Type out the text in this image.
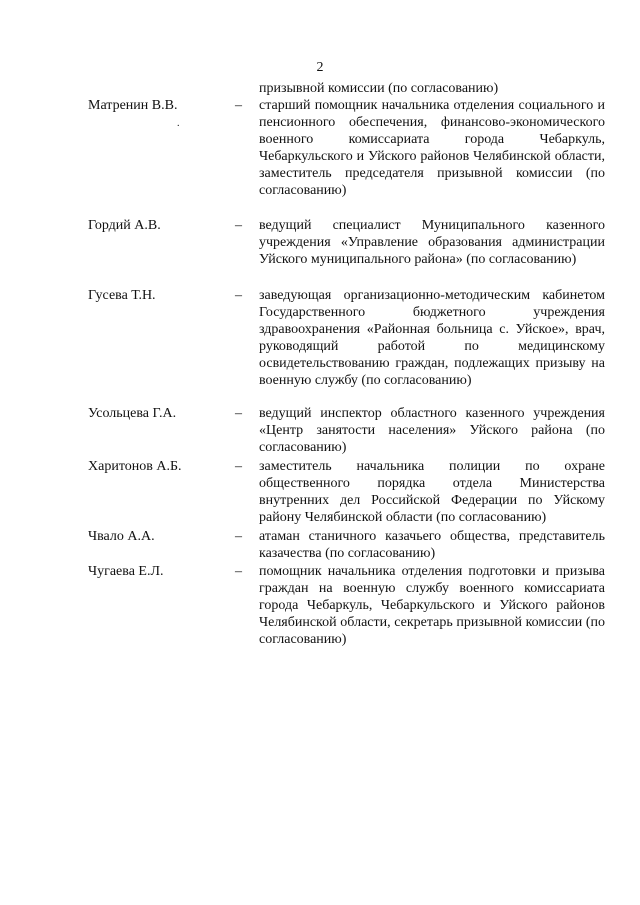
2
призывной комиссии (по согласованию)
.
Матренин В.В.	– старший помощник начальника отделения социального и пенсионного обеспечения, финансово-экономического военного комиссариата города Чебаркуль, Чебаркульского и Уйского районов Челябинской области, заместитель председателя призывной комиссии (по согласованию)
Гордий А.В.	– ведущий специалист Муниципального казенного учреждения «Управление образования администрации Уйского муниципального района» (по согласованию)
Гусева Т.Н.	– заведующая организационно-методическим кабинетом Государственного бюджетного учреждения здравоохранения «Районная больница с. Уйское», врач, руководящий работой по медицинскому освидетельствованию граждан, подлежащих призыву на военную службу (по согласованию)
Усольцева Г.А.	– ведущий инспектор областного казенного учреждения «Центр занятости населения» Уйского района (по согласованию)
Харитонов А.Б.	– заместитель начальника полиции по охране общественного порядка отдела Министерства внутренних дел Российской Федерации по Уйскому району Челябинской области (по согласованию)
Чвало А.А.	– атаман станичного казачьего общества, представитель казачества (по согласованию)
Чугаева Е.Л.	– помощник начальника отделения подготовки и призыва граждан на военную службу военного комиссариата города Чебаркуль, Чебаркульского и Уйского районов Челябинской области, секретарь призывной комиссии (по согласованию)
